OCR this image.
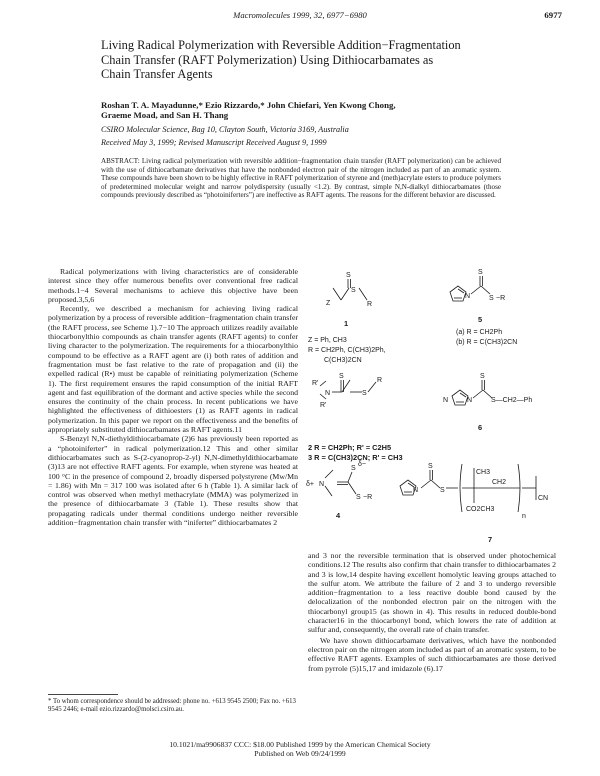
Macromolecules 1999, 32, 6977−6980	6977
Living Radical Polymerization with Reversible Addition−Fragmentation
Chain Transfer (RAFT Polymerization) Using Dithiocarbamates as
Chain Transfer Agents
Roshan T. A. Mayadunne,* Ezio Rizzardo,* John Chiefari, Yen Kwong Chong,
Graeme Moad, and San H. Thang
CSIRO Molecular Science, Bag 10, Clayton South, Victoria 3169, Australia
Received May 3, 1999; Revised Manuscript Received August 9, 1999
ABSTRACT: Living radical polymerization with reversible addition−fragmentation chain transfer (RAFT polymerization) can be achieved with the use of dithiocarbamate derivatives that have the nonbonded electron pair of the nitrogen included as part of an aromatic system. These compounds have been shown to be highly effective in RAFT polymerization of styrene and (meth)acrylate esters to produce polymers of predetermined molecular weight and narrow polydispersity (usually <1.2). By contrast, simple N,N-dialkyl dithiocarbamates (those compounds previously described as “photoiniferters”) are ineffective as RAFT agents. The reasons for the different behavior are discussed.

Radical polymerizations with living characteristics are of considerable interest since they offer numerous benefits over conventional free radical methods.1−4 Several mechanisms to achieve this objective have been proposed.3,5,6

Recently, we described a mechanism for achieving living radical polymerization by a process of reversible addition−fragmentation chain transfer (the RAFT process, see Scheme 1).7−10 The approach utilizes readily available thiocarbonylthio compounds as chain transfer agents (RAFT agents) to confer living character to the polymerization. The requirements for a thiocarbonylthio compound to be effective as a RAFT agent are (i) both rates of addition and fragmentation must be fast relative to the rate of propagation and (ii) the expelled radical (R•) must be capable of reinitiating polymerization (Scheme 1). The first requirement ensures the rapid consumption of the initial RAFT agent and fast equilibration of the dormant and active species while the second ensures the continuity of the chain process. In recent publications we have highlighted the effectiveness of dithioesters (1) as RAFT agents in radical polymerization. In this paper we report on the effectiveness and the benefits of appropriately substituted dithiocarbamates as RAFT agents.11

S-Benzyl N,N-diethyldithiocarbamate (2)6 has previously been reported as a “photoiniferter” in radical polymerization.12 This and other similar dithiocarbamates such as S-(2-cyanoprop-2-yl) N,N-dimethyldithiocarbamate (3)13 are not effective RAFT agents. For example, when styrene was heated at 100 °C in the presence of compound 2, broadly dispersed polystyrene (Mw/Mn = 1.86) with Mn = 317 100 was isolated after 6 h (Table 1). A similar lack of control was observed when methyl methacrylate (MMA) was polymerized in the presence of dithiocarbamate 3 (Table 1). These results show that propagating radicals under thermal conditions undergo neither reversible addition−fragmentation chain transfer with “iniferter” dithiocarbamates 2

and 3 nor the reversible termination that is observed under photochemical conditions.12 The results also confirm that chain transfer to dithiocarbamates 2 and 3 is low,14 despite having excellent homolytic leaving groups attached to the sulfur atom. We attribute the failure of 2 and 3 to undergo reversible addition−fragmentation to a less reactive double bond caused by the delocalization of the nonbonded electron pair on the nitrogen with the thiocarbonyl group15 (as shown in 4). This results in reduced double-bond character16 in the thiocarbonyl bond, which lowers the rate of addition at sulfur and, consequently, the overall rate of chain transfer.

We have shown dithiocarbamate derivatives, which have the nonbonded electron pair on the nitrogen atom included as part of an aromatic system, to be effective RAFT agents. Examples of such dithiocarbamates are those derived from pyrrole (5)15,17 and imidazole (6).17

S
Z
S
R
1
Z = Ph, CH3
R = CH2Ph, C(CH3)2Ph,
C(CH3)2CN
N
S
S −R
5
(a) R = CH2Ph
(b) R = C(CH3)2CN
S
N
R'
R'
S
R
2 R = CH2Ph; R' = C2H5
3 R = C(CH3)2CN; R' = CH3
N	N
S
S—CH2—Ph
6
δ+ N
S
δ−
S −R
4
N
S
S
CH3
CH2
CO2CH3
n
CN
7
* To whom correspondence should be addressed: phone no. +613 9545 2500; Fax no. +613 9545 2446; e-mail ezio.rizzardo@molsci.csiro.au.
10.1021/ma9906837 CCC: $18.00 Published 1999 by the American Chemical Society
Published on Web 09/24/1999
